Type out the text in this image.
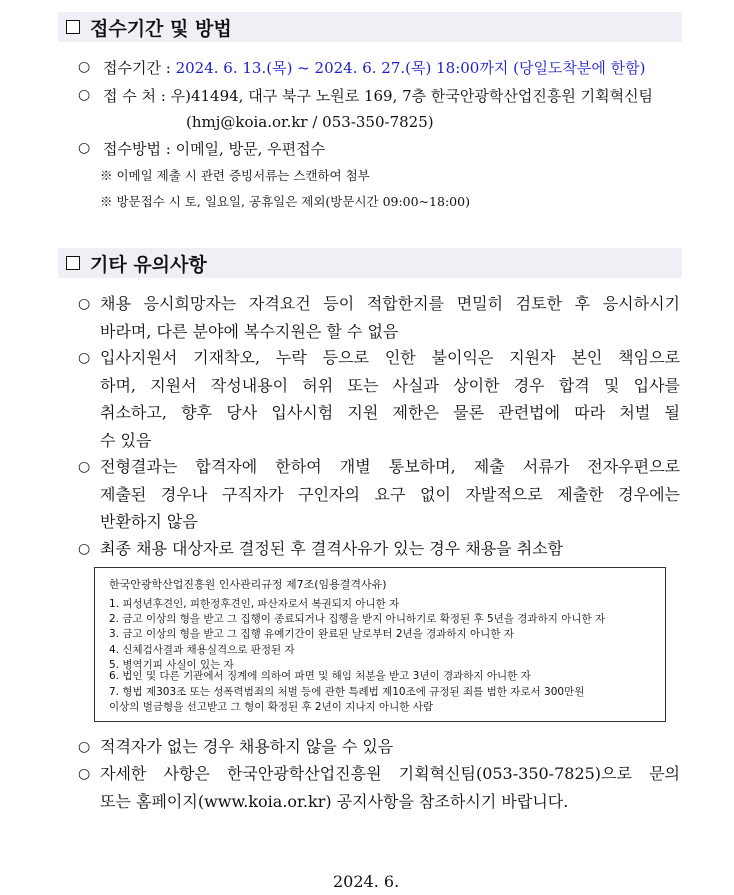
접수기간 및 방법
○ 접수기간 : 2024. 6. 13.(목) ~ 2024. 6. 27.(목) 18:00까지 (당일도착분에 한함)
○ 접 수 처 : 우)41494, 대구 북구 노원로 169, 7층 한국안광학산업진흥원 기획혁신팀
(hmj@koia.or.kr / 053-350-7825)
○ 접수방법 : 이메일, 방문, 우편접수
※ 이메일 제출 시 관련 증빙서류는 스캔하여 첨부
※ 방문접수 시 토, 일요일, 공휴일은 제외(방문시간 09:00~18:00)
기타 유의사항
○ 채용 응시희망자는 자격요건 등이 적합한지를 면밀히 검토한 후 응시하시기
바라며, 다른 분야에 복수지원은 할 수 없음
○ 입사지원서 기재착오, 누락 등으로 인한 불이익은 지원자 본인 책임으로
하며, 지원서 작성내용이 허위 또는 사실과 상이한 경우 합격 및 입사를
취소하고, 향후 당사 입사시험 지원 제한은 물론 관련법에 따라 처벌 될
수 있음
○ 전형결과는 합격자에 한하여 개별 통보하며, 제출 서류가 전자우편으로
제출된 경우나 구직자가 구인자의 요구 없이 자발적으로 제출한 경우에는
반환하지 않음
○ 최종 채용 대상자로 결정된 후 결격사유가 있는 경우 채용을 취소함
한국안광학산업진흥원 인사관리규정 제7조(임용결격사유)
1. 피성년후견인, 피한정후견인, 파산자로서 복권되지 아니한 자
2. 금고 이상의 형을 받고 그 집행이 종료되거나 집행을 받지 아니하기로 확정된 후 5년을 경과하지 아니한 자
3. 금고 이상의 형을 받고 그 집행 유예기간이 완료된 날로부터 2년을 경과하지 아니한 자
4. 신체검사결과 채용실격으로 판정된 자
5. 병역기피 사실이 있는 자
6. 법인 및 다른 기관에서 징계에 의하여 파면 및 해임 처분을 받고 3년이 경과하지 아니한 자
7. 형법 제303조 또는 성폭력범죄의 처벌 등에 관한 특례법 제10조에 규정된 죄를 범한 자로서 300만원
이상의 벌금형을 선고받고 그 형이 확정된 후 2년이 지나지 아니한 사람
○ 적격자가 없는 경우 채용하지 않을 수 있음
○ 자세한 사항은 한국안광학산업진흥원 기획혁신팀(053-350-7825)으로 문의
또는 홈페이지(www.koia.or.kr) 공지사항을 참조하시기 바랍니다.
2024. 6.
